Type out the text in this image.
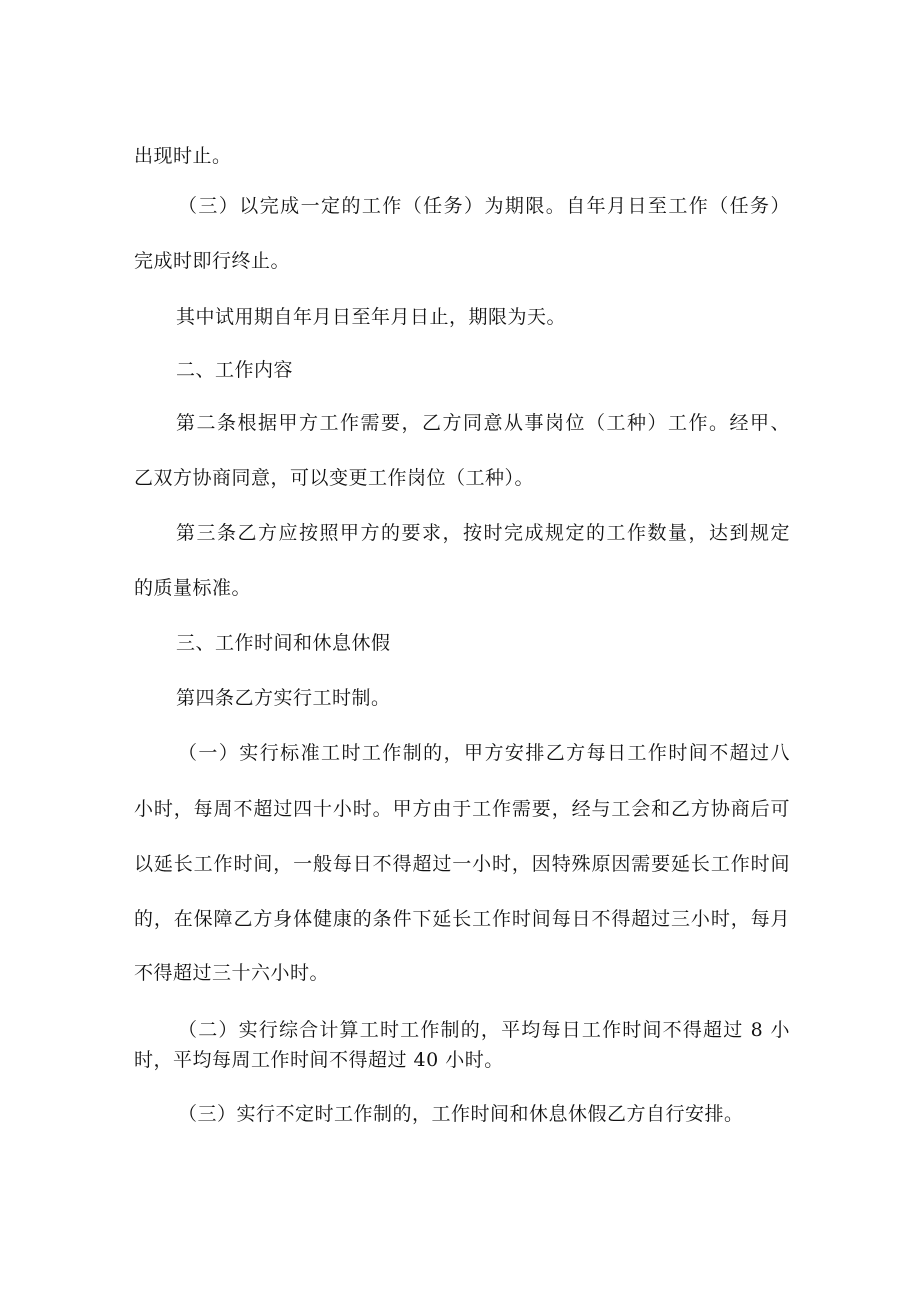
出现时止。
（三）以完成一定的工作（任务）为期限。自年月日至工作（任务）
完成时即行终止。
其中试用期自年月日至年月日止，期限为天。
二、工作内容
第二条根据甲方工作需要，乙方同意从事岗位（工种）工作。经甲、
乙双方协商同意，可以变更工作岗位（工种）。
第三条乙方应按照甲方的要求，按时完成规定的工作数量，达到规定
的质量标准。
三、工作时间和休息休假
第四条乙方实行工时制。
（一）实行标准工时工作制的，甲方安排乙方每日工作时间不超过八
小时，每周不超过四十小时。甲方由于工作需要，经与工会和乙方协商后可
以延长工作时间，一般每日不得超过一小时，因特殊原因需要延长工作时间
的，在保障乙方身体健康的条件下延长工作时间每日不得超过三小时，每月
不得超过三十六小时。
（二）实行综合计算工时工作制的，平均每日工作时间不得超过 8 小
时，平均每周工作时间不得超过 40 小时。
（三）实行不定时工作制的，工作时间和休息休假乙方自行安排。
